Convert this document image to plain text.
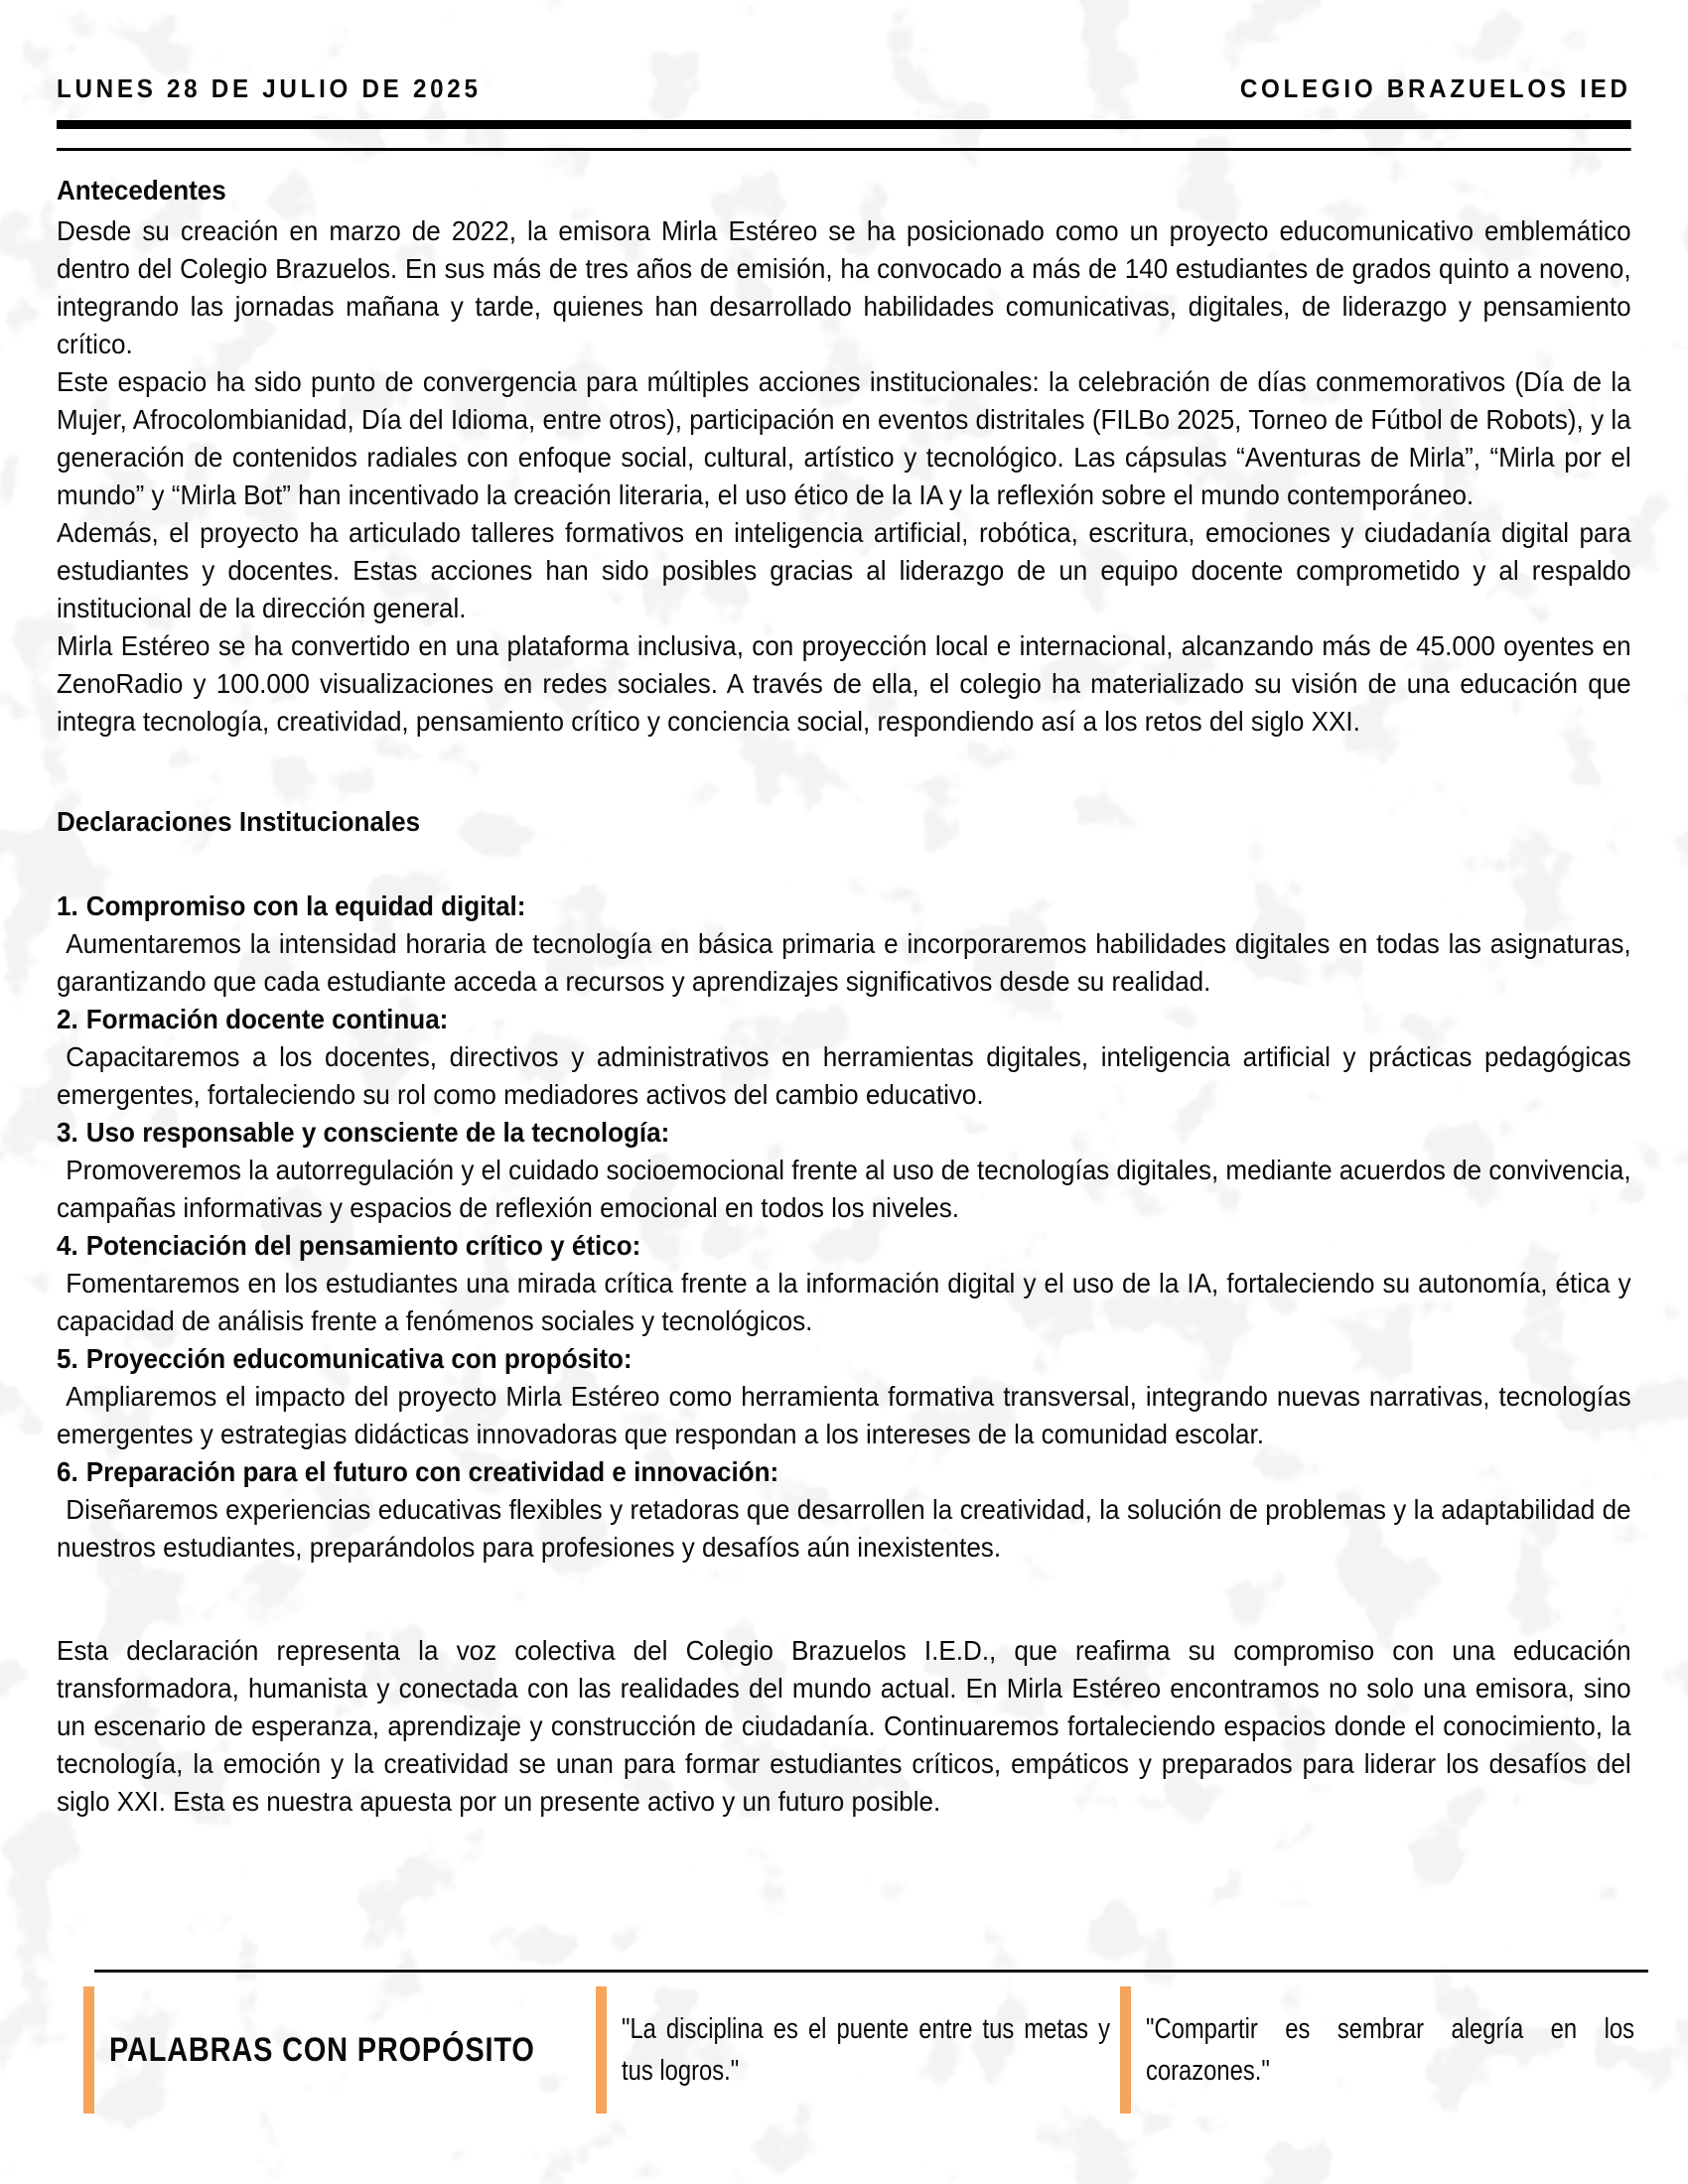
LUNES 28 DE JULIO DE 2025	COLEGIO BRAZUELOS IED
Antecedentes

Desde su creación en marzo de 2022, la emisora Mirla Estéreo se ha posicionado como un proyecto educomunicativo emblemático dentro del Colegio Brazuelos. En sus más de tres años de emisión, ha convocado a más de 140 estudiantes de grados quinto a noveno, integrando las jornadas mañana y tarde, quienes han desarrollado habilidades comunicativas, digitales, de liderazgo y pensamiento crítico.

Este espacio ha sido punto de convergencia para múltiples acciones institucionales: la celebración de días conmemorativos (Día de la Mujer, Afrocolombianidad, Día del Idioma, entre otros), participación en eventos distritales (FILBo 2025, Torneo de Fútbol de Robots), y la generación de contenidos radiales con enfoque social, cultural, artístico y tecnológico. Las cápsulas “Aventuras de Mirla”, “Mirla por el mundo” y “Mirla Bot” han incentivado la creación literaria, el uso ético de la IA y la reflexión sobre el mundo contemporáneo.

Además, el proyecto ha articulado talleres formativos en inteligencia artificial, robótica, escritura, emociones y ciudadanía digital para estudiantes y docentes. Estas acciones han sido posibles gracias al liderazgo de un equipo docente comprometido y al respaldo institucional de la dirección general.

Mirla Estéreo se ha convertido en una plataforma inclusiva, con proyección local e internacional, alcanzando más de 45.000 oyentes en ZenoRadio y 100.000 visualizaciones en redes sociales. A través de ella, el colegio ha materializado su visión de una educación que integra tecnología, creatividad, pensamiento crítico y conciencia social, respondiendo así a los retos del siglo XXI.

Declaraciones Institucionales
1. Compromiso con la equidad digital:

Aumentaremos la intensidad horaria de tecnología en básica primaria e incorporaremos habilidades digitales en todas las asignaturas, garantizando que cada estudiante acceda a recursos y aprendizajes significativos desde su realidad.

2. Formación docente continua:

Capacitaremos a los docentes, directivos y administrativos en herramientas digitales, inteligencia artificial y prácticas pedagógicas emergentes, fortaleciendo su rol como mediadores activos del cambio educativo.

3. Uso responsable y consciente de la tecnología:

Promoveremos la autorregulación y el cuidado socioemocional frente al uso de tecnologías digitales, mediante acuerdos de convivencia, campañas informativas y espacios de reflexión emocional en todos los niveles.

4. Potenciación del pensamiento crítico y ético:

Fomentaremos en los estudiantes una mirada crítica frente a la información digital y el uso de la IA, fortaleciendo su autonomía, ética y capacidad de análisis frente a fenómenos sociales y tecnológicos.

5. Proyección educomunicativa con propósito:

Ampliaremos el impacto del proyecto Mirla Estéreo como herramienta formativa transversal, integrando nuevas narrativas, tecnologías emergentes y estrategias didácticas innovadoras que respondan a los intereses de la comunidad escolar.

6. Preparación para el futuro con creatividad e innovación:

Diseñaremos experiencias educativas flexibles y retadoras que desarrollen la creatividad, la solución de problemas y la adaptabilidad de nuestros estudiantes, preparándolos para profesiones y desafíos aún inexistentes.

Esta declaración representa la voz colectiva del Colegio Brazuelos I.E.D., que reafirma su compromiso con una educación transformadora, humanista y conectada con las realidades del mundo actual. En Mirla Estéreo encontramos no solo una emisora, sino un escenario de esperanza, aprendizaje y construcción de ciudadanía. Continuaremos fortaleciendo espacios donde el conocimiento, la tecnología, la emoción y la creatividad se unan para formar estudiantes críticos, empáticos y preparados para liderar los desafíos del siglo XXI. Esta es nuestra apuesta por un presente activo y un futuro posible.

PALABRAS CON PROPÓSITO

"La disciplina es el puente entre tus metas y tus logros."

"Compartir es sembrar alegría en los corazones."
